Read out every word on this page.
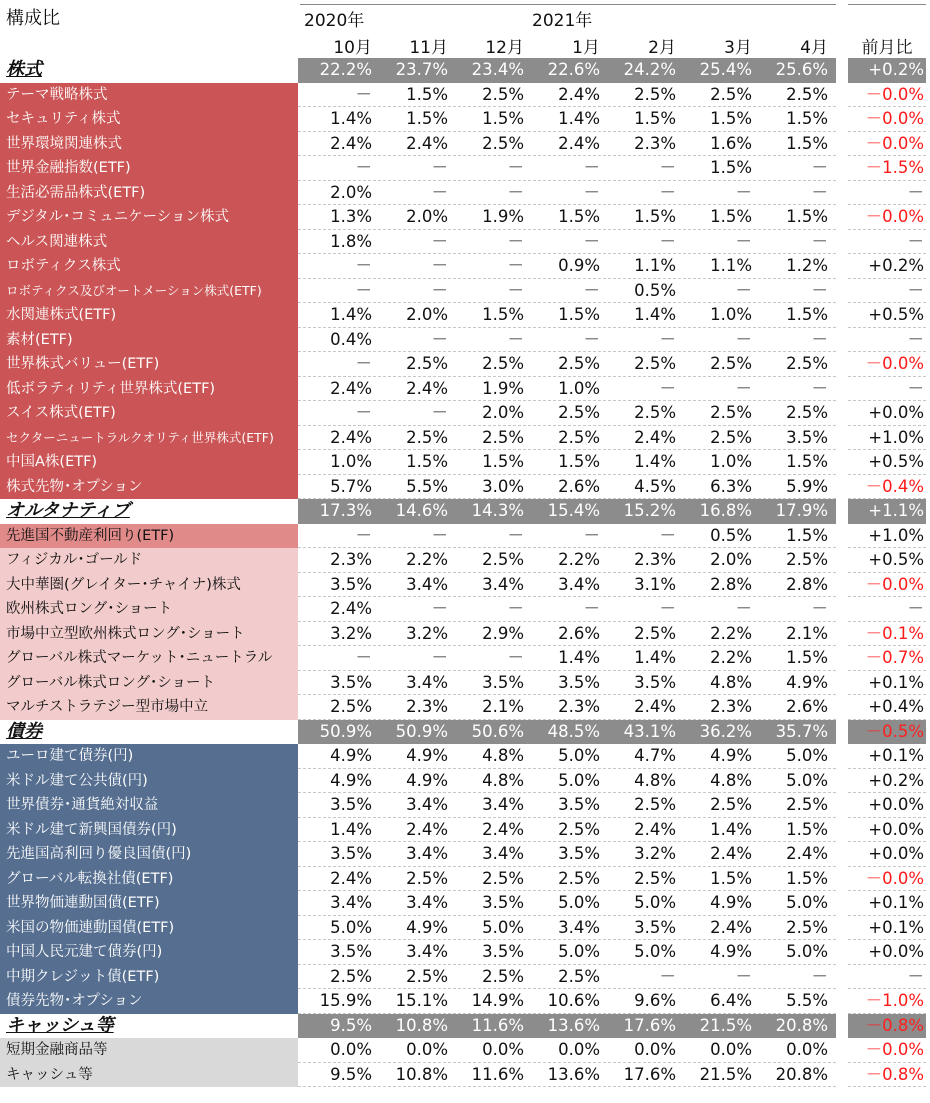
構成比	2020年	2021年
10月	11月	12月	1月	2月	3月	4月	前月比
株式	22.2%	23.7%	23.4%	22.6%	24.2%	25.4%	25.6%	+0.2%
テーマ戦略株式	－	1.5%	2.5%	2.4%	2.5%	2.5%	2.5%	－0.0%
セキュリティ株式	1.4%	1.5%	1.5%	1.4%	1.5%	1.5%	1.5%	－0.0%
世界環境関連株式	2.4%	2.4%	2.5%	2.4%	2.3%	1.6%	1.5%	－0.0%
世界金融指数(ETF)	－	－	－	－	－	1.5%	－	－1.5%
生活必需品株式(ETF)	2.0%	－	－	－	－	－	－	－
デジタル･コミュニケーション株式	1.3%	2.0%	1.9%	1.5%	1.5%	1.5%	1.5%	－0.0%
ヘルス関連株式	1.8%	－	－	－	－	－	－	－
ロボティクス株式	－	－	－	0.9%	1.1%	1.1%	1.2%	+0.2%
ロボティクス及びオートメーション株式(ETF)	－	－	－	－	0.5%	－	－	－
水関連株式(ETF)	1.4%	2.0%	1.5%	1.5%	1.4%	1.0%	1.5%	+0.5%
素材(ETF)	0.4%	－	－	－	－	－	－	－
世界株式バリュー(ETF)	－	2.5%	2.5%	2.5%	2.5%	2.5%	2.5%	－0.0%
低ボラティリティ世界株式(ETF)	2.4%	2.4%	1.9%	1.0%	－	－	－	－
スイス株式(ETF)	－	－	2.0%	2.5%	2.5%	2.5%	2.5%	+0.0%
セクターニュートラルクオリティ世界株式(ETF)	2.4%	2.5%	2.5%	2.5%	2.4%	2.5%	3.5%	+1.0%
中国A株(ETF)	1.0%	1.5%	1.5%	1.5%	1.4%	1.0%	1.5%	+0.5%
株式先物･オプション	5.7%	5.5%	3.0%	2.6%	4.5%	6.3%	5.9%	－0.4%
オルタナティブ	17.3%	14.6%	14.3%	15.4%	15.2%	16.8%	17.9%	+1.1%
先進国不動産利回り(ETF)	－	－	－	－	－	0.5%	1.5%	+1.0%
フィジカル･ゴールド	2.3%	2.2%	2.5%	2.2%	2.3%	2.0%	2.5%	+0.5%
大中華圏(グレイター･チャイナ)株式	3.5%	3.4%	3.4%	3.4%	3.1%	2.8%	2.8%	－0.0%
欧州株式ロング･ショート	2.4%	－	－	－	－	－	－	－
市場中立型欧州株式ロング･ショート	3.2%	3.2%	2.9%	2.6%	2.5%	2.2%	2.1%	－0.1%
グローバル株式マーケット･ニュートラル	－	－	－	1.4%	1.4%	2.2%	1.5%	－0.7%
グローバル株式ロング･ショート	3.5%	3.4%	3.5%	3.5%	3.5%	4.8%	4.9%	+0.1%
マルチストラテジー型市場中立	2.5%	2.3%	2.1%	2.3%	2.4%	2.3%	2.6%	+0.4%
債券	50.9%	50.9%	50.6%	48.5%	43.1%	36.2%	35.7%	－0.5%
ユーロ建て債券(円)	4.9%	4.9%	4.8%	5.0%	4.7%	4.9%	5.0%	+0.1%
米ドル建て公共債(円)	4.9%	4.9%	4.8%	5.0%	4.8%	4.8%	5.0%	+0.2%
世界債券･通貨絶対収益	3.5%	3.4%	3.4%	3.5%	2.5%	2.5%	2.5%	+0.0%
米ドル建て新興国債券(円)	1.4%	2.4%	2.4%	2.5%	2.4%	1.4%	1.5%	+0.0%
先進国高利回り優良国債(円)	3.5%	3.4%	3.4%	3.5%	3.2%	2.4%	2.4%	+0.0%
グローバル転換社債(ETF)	2.4%	2.5%	2.5%	2.5%	2.5%	1.5%	1.5%	－0.0%
世界物価連動国債(ETF)	3.4%	3.4%	3.5%	5.0%	5.0%	4.9%	5.0%	+0.1%
米国の物価連動国債(ETF)	5.0%	4.9%	5.0%	3.4%	3.5%	2.4%	2.5%	+0.1%
中国人民元建て債券(円)	3.5%	3.4%	3.5%	5.0%	5.0%	4.9%	5.0%	+0.0%
中期クレジット債(ETF)	2.5%	2.5%	2.5%	2.5%	－	－	－	－
債券先物･オプション	15.9%	15.1%	14.9%	10.6%	9.6%	6.4%	5.5%	－1.0%
キャッシュ等	9.5%	10.8%	11.6%	13.6%	17.6%	21.5%	20.8%	－0.8%
短期金融商品等	0.0%	0.0%	0.0%	0.0%	0.0%	0.0%	0.0%	－0.0%
キャッシュ等	9.5%	10.8%	11.6%	13.6%	17.6%	21.5%	20.8%	－0.8%
